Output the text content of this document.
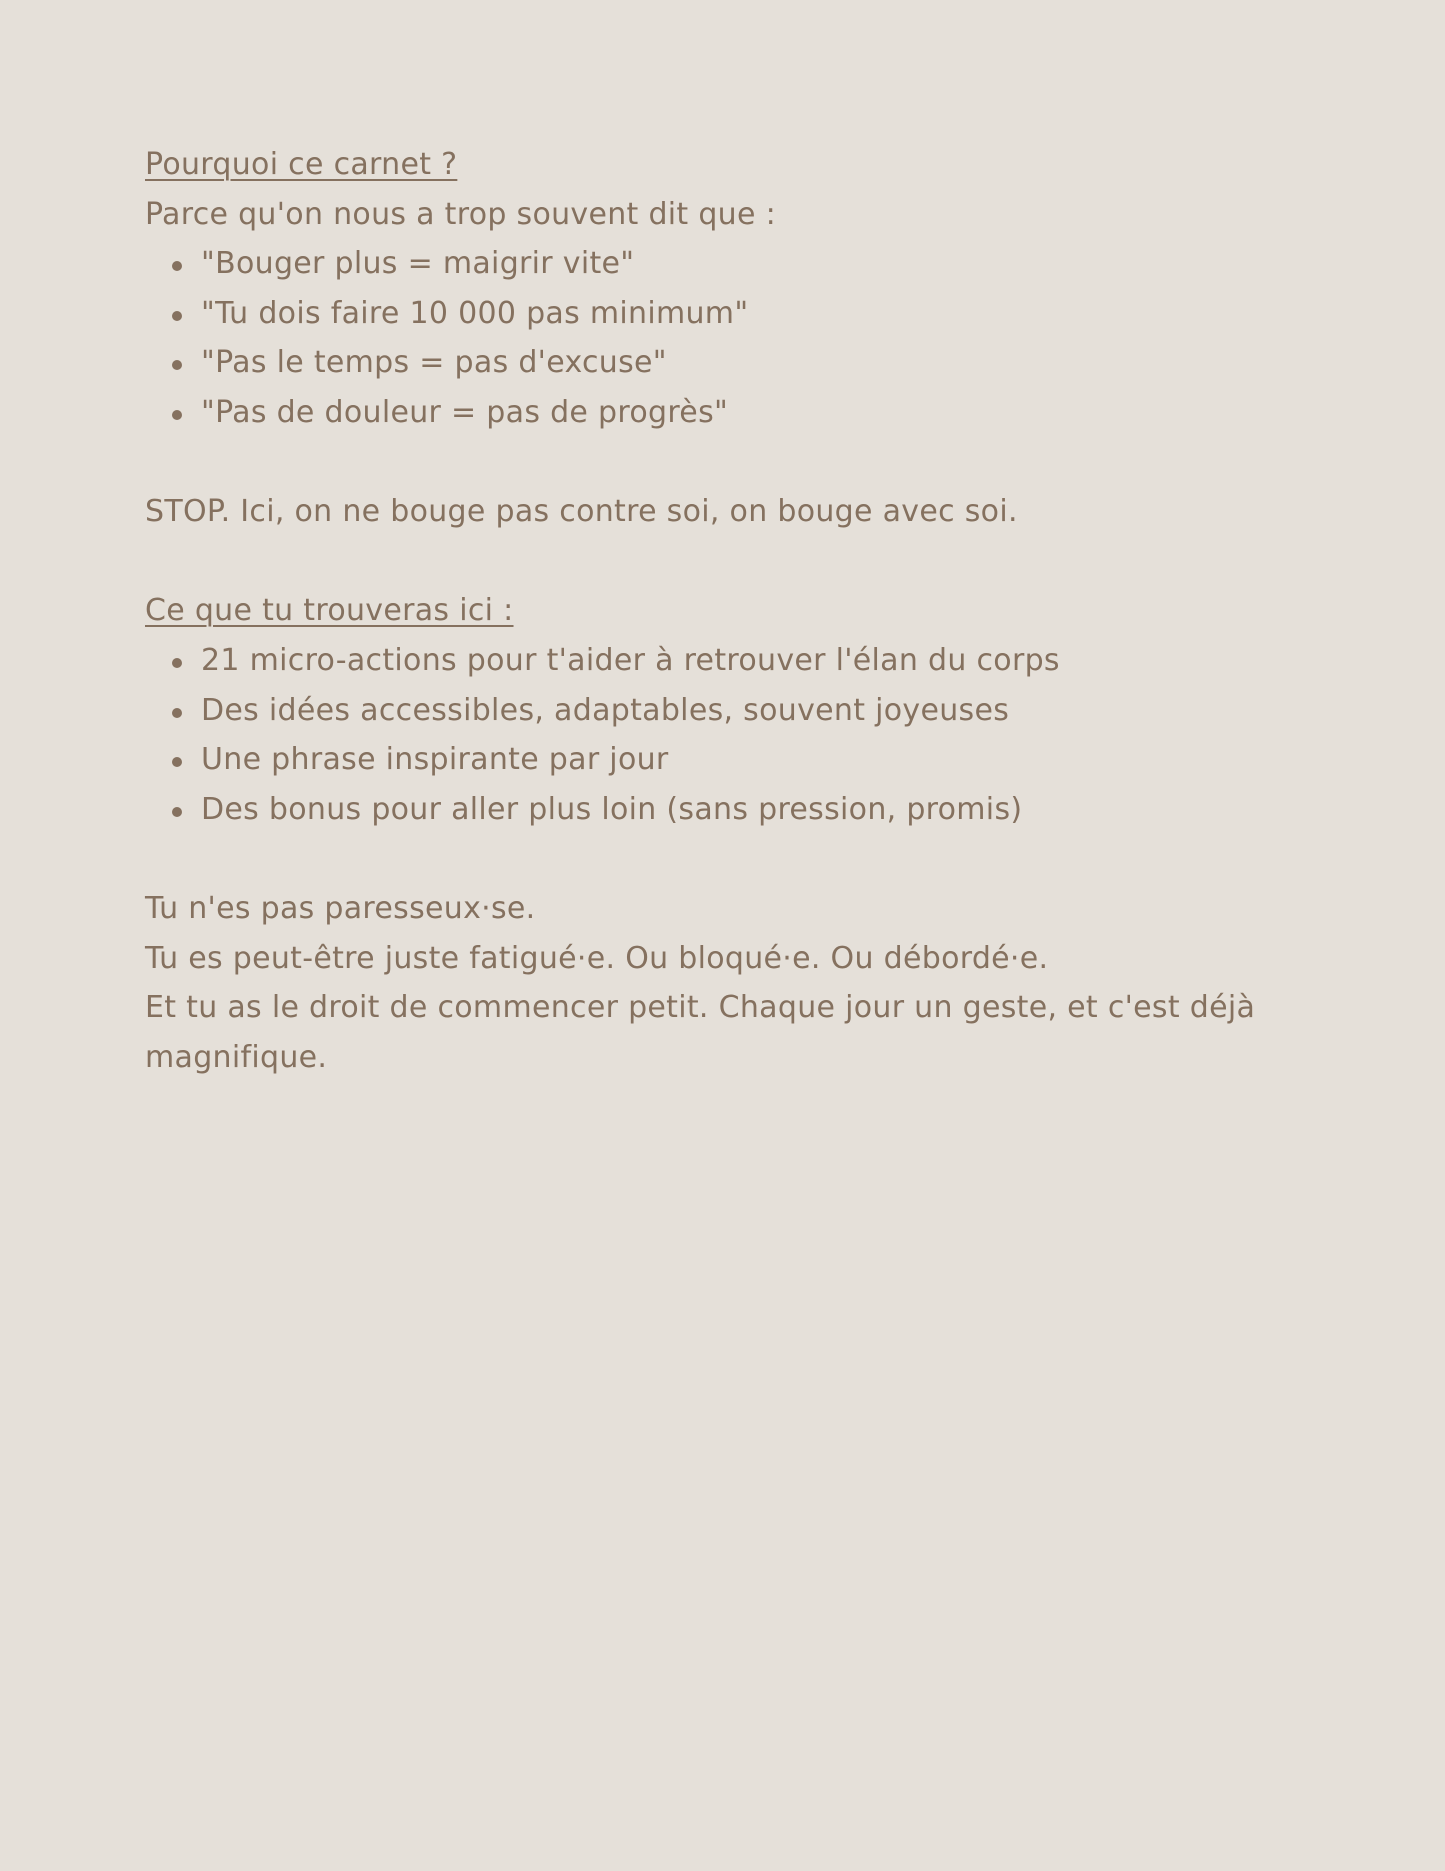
Pourquoi ce carnet ?

Parce qu'on nous a trop souvent dit que :

"Bouger plus = maigrir vite"
"Tu dois faire 10 000 pas minimum"
"Pas le temps = pas d'excuse"
"Pas de douleur = pas de progrès"

STOP. Ici, on ne bouge pas contre soi, on bouge avec soi.

Ce que tu trouveras ici :
21 micro-actions pour t'aider à retrouver l'élan du corps
Des idées accessibles, adaptables, souvent joyeuses
Une phrase inspirante par jour
Des bonus pour aller plus loin (sans pression, promis)

Tu n'es pas paresseux·se.

Tu es peut-être juste fatigué·e. Ou bloqué·e. Ou débordé·e.

Et tu as le droit de commencer petit. Chaque jour un geste, et c'est déjà magnifique.
